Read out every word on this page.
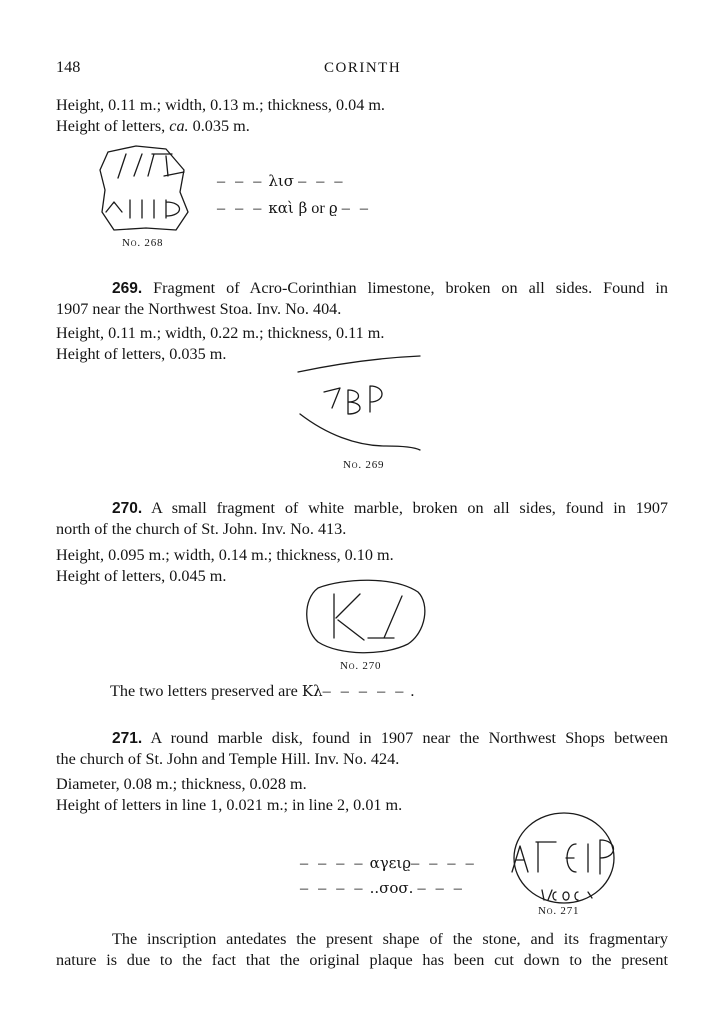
148	CORINTH
Height, 0.11 m.; width, 0.13 m.; thickness, 0.04 m.
Height of letters, ca. 0.035 m.
– – – λισ – – –
– – – καὶ β or ϱ – –
No. 268
269. Fragment of Acro-Corinthian limestone, broken on all sides. Found in
1907 near the Northwest Stoa. Inv. No. 404.
Height, 0.11 m.; width, 0.22 m.; thickness, 0.11 m.
Height of letters, 0.035 m.
No. 269
270. A small fragment of white marble, broken on all sides, found in 1907
north of the church of St. John. Inv. No. 413.
Height, 0.095 m.; width, 0.14 m.; thickness, 0.10 m.
Height of letters, 0.045 m.
No. 270
The two letters preserved are Κλ– – – – – .
271. A round marble disk, found in 1907 near the Northwest Shops between
the church of St. John and Temple Hill. Inv. No. 424.
Diameter, 0.08 m.; thickness, 0.028 m.
Height of letters in line 1, 0.021 m.; in line 2, 0.01 m.
– – – – αγειϱ– – – –
– – – – ..σοσ. – – –
No. 271
The inscription antedates the present shape of the stone, and its fragmentary
nature is due to the fact that the original plaque has been cut down to the present
